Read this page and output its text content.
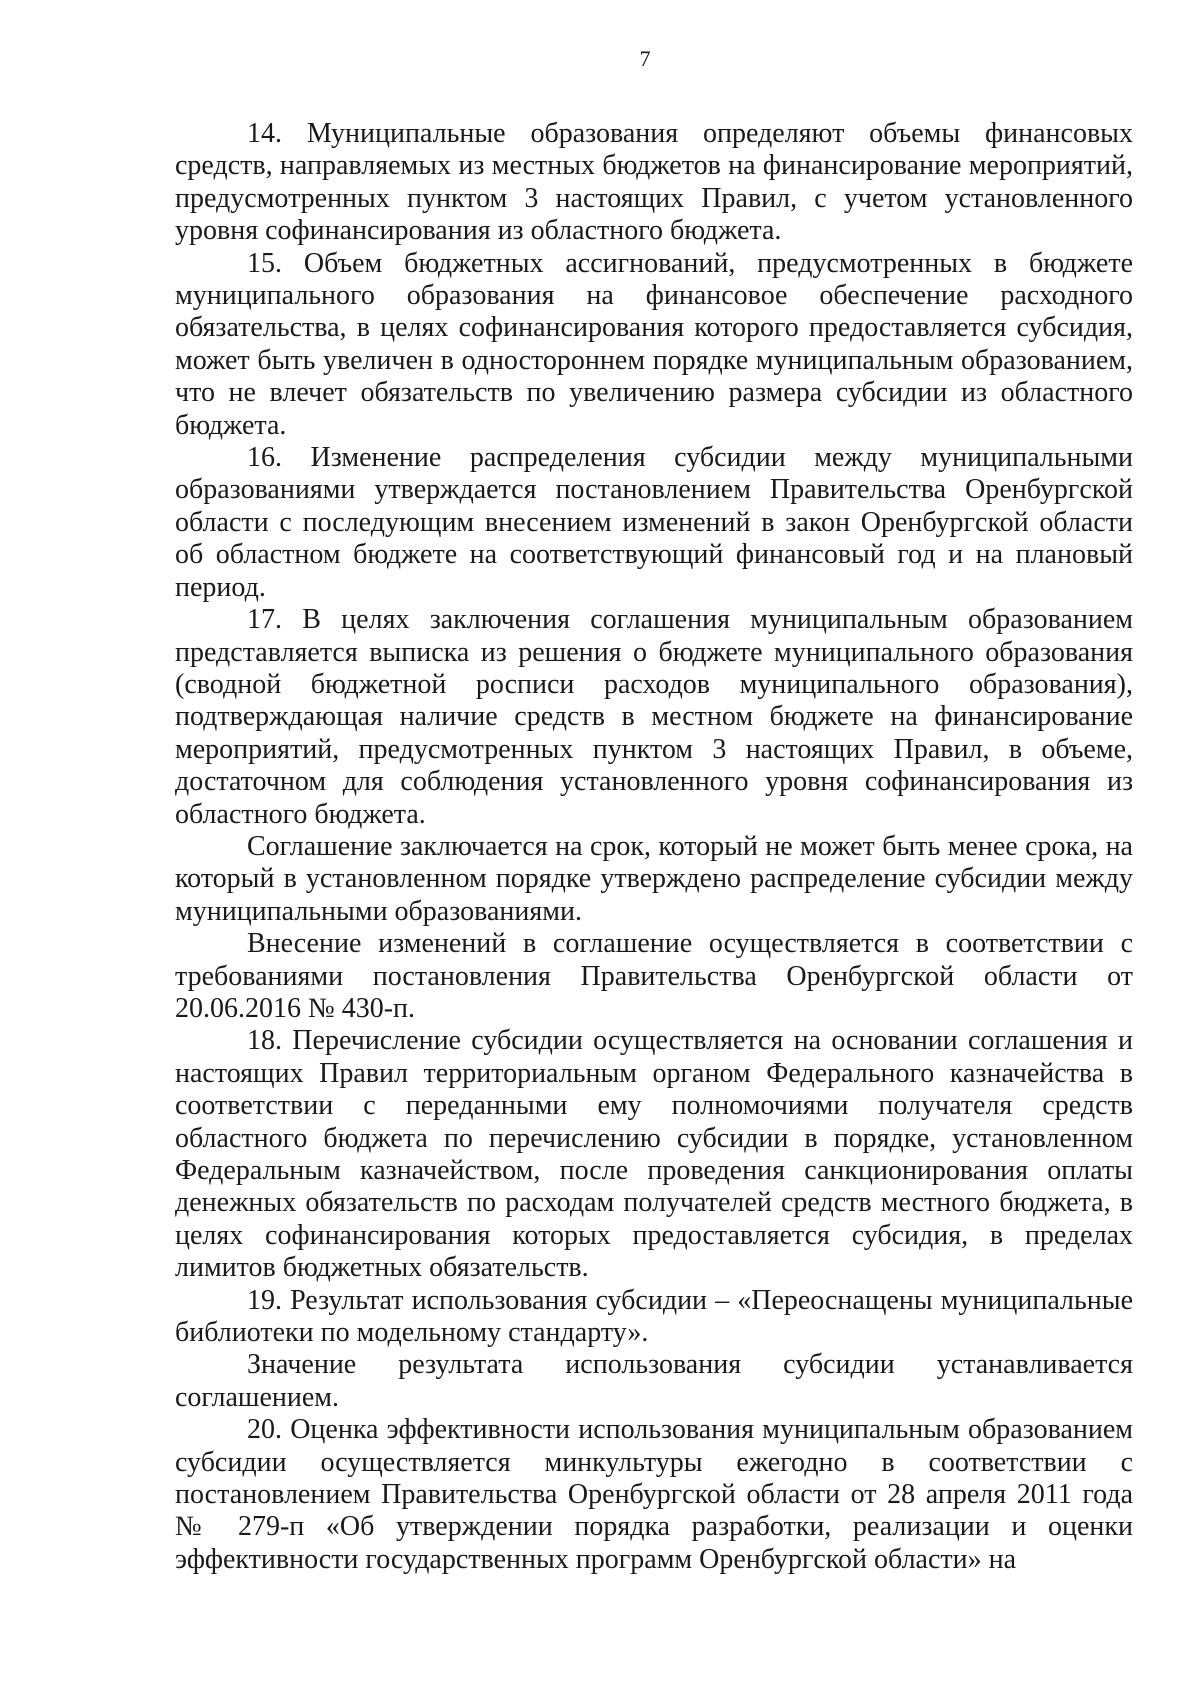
7

14. Муниципальные образования определяют объемы финансовых средств, направляемых из местных бюджетов на финансирование мероприятий, предусмотренных пунктом 3 настоящих Правил, с учетом установленного уровня софинансирования из областного бюджета.

15. Объем бюджетных ассигнований, предусмотренных в бюджете муниципального образования на финансовое обеспечение расходного обязательства, в целях софинансирования которого предоставляется субсидия, может быть увеличен в одностороннем порядке муниципальным образованием, что не влечет обязательств по увеличению размера субсидии из областного бюджета.

16. Изменение распределения субсидии между муниципальными образованиями утверждается постановлением Правительства Оренбургской области с последующим внесением изменений в закон Оренбургской области об областном бюджете на соответствующий финансовый год и на плановый период.

17. В целях заключения соглашения муниципальным образованием представляется выписка из решения о бюджете муниципального образования (сводной бюджетной росписи расходов муниципального образования), подтверждающая наличие средств в местном бюджете на финансирование мероприятий, предусмотренных пунктом 3 настоящих Правил, в объеме, достаточном для соблюдения установленного уровня софинансирования из областного бюджета.

Соглашение заключается на срок, который не может быть менее срока, на который в установленном порядке утверждено распределение субсидии между муниципальными образованиями.

Внесение изменений в соглашение осуществляется в соответствии с требованиями постановления Правительства Оренбургской области от 20.06.2016 № 430-п.

18. Перечисление субсидии осуществляется на основании соглашения и настоящих Правил территориальным органом Федерального казначейства в соответствии с переданными ему полномочиями получателя средств областного бюджета по перечислению субсидии в порядке, установленном Федеральным казначейством, после проведения санкционирования оплаты денежных обязательств по расходам получателей средств местного бюджета, в целях софинансирования которых предоставляется субсидия, в пределах лимитов бюджетных обязательств.

19. Результат использования субсидии – «Переоснащены муниципальные библиотеки по модельному стандарту».

Значение результата использования субсидии устанавливается соглашением.

20. Оценка эффективности использования муниципальным образованием субсидии осуществляется минкультуры ежегодно в соответствии с постановлением Правительства Оренбургской области от 28 апреля 2011 года № 279-п «Об утверждении порядка разработки, реализации и оценки эффективности государственных программ Оренбургской области» на
